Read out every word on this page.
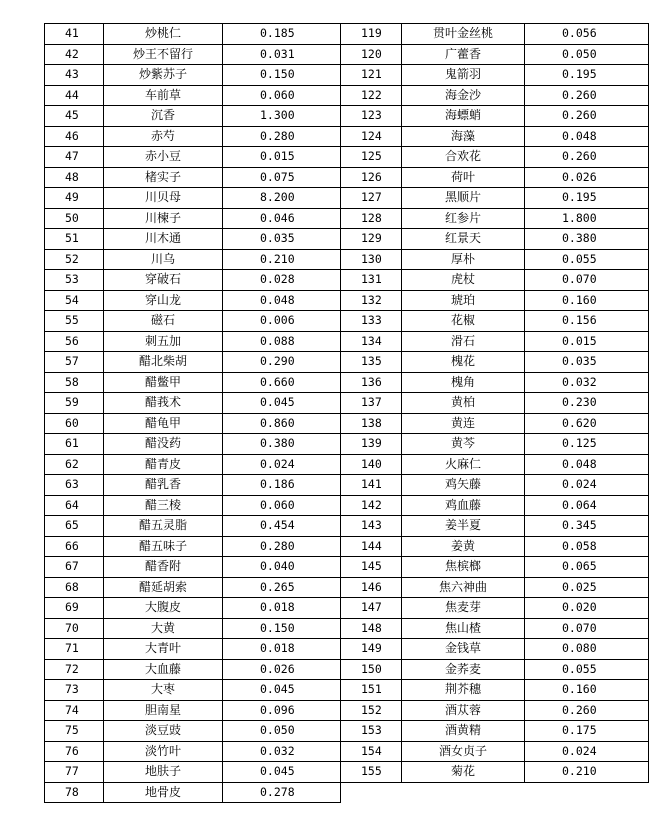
41	炒桃仁	0.185
42	炒王不留行	0.031
43	炒紫苏子	0.150
44	车前草	0.060
45	沉香	1.300
46	赤芍	0.280
47	赤小豆	0.015
48	楮实子	0.075
49	川贝母	8.200
50	川楝子	0.046
51	川木通	0.035
52	川乌	0.210
53	穿破石	0.028
54	穿山龙	0.048
55	磁石	0.006
56	刺五加	0.088
57	醋北柴胡	0.290
58	醋鳖甲	0.660
59	醋莪术	0.045
60	醋龟甲	0.860
61	醋没药	0.380
62	醋青皮	0.024
63	醋乳香	0.186
64	醋三棱	0.060
65	醋五灵脂	0.454
66	醋五味子	0.280
67	醋香附	0.040
68	醋延胡索	0.265
69	大腹皮	0.018
70	大黄	0.150
71	大青叶	0.018
72	大血藤	0.026
73	大枣	0.045
74	胆南星	0.096
75	淡豆豉	0.050
76	淡竹叶	0.032
77	地肤子	0.045
78	地骨皮	0.278
119	贯叶金丝桃	0.056
120	广藿香	0.050
121	鬼箭羽	0.195
122	海金沙	0.260
123	海螵蛸	0.260
124	海藻	0.048
125	合欢花	0.260
126	荷叶	0.026
127	黑顺片	0.195
128	红参片	1.800
129	红景天	0.380
130	厚朴	0.055
131	虎杖	0.070
132	琥珀	0.160
133	花椒	0.156
134	滑石	0.015
135	槐花	0.035
136	槐角	0.032
137	黄柏	0.230
138	黄连	0.620
139	黄芩	0.125
140	火麻仁	0.048
141	鸡矢藤	0.024
142	鸡血藤	0.064
143	姜半夏	0.345
144	姜黄	0.058
145	焦槟榔	0.065
146	焦六神曲	0.025
147	焦麦芽	0.020
148	焦山楂	0.070
149	金钱草	0.080
150	金荞麦	0.055
151	荆芥穗	0.160
152	酒苁蓉	0.260
153	酒黄精	0.175
154	酒女贞子	0.024
155	菊花	0.210
